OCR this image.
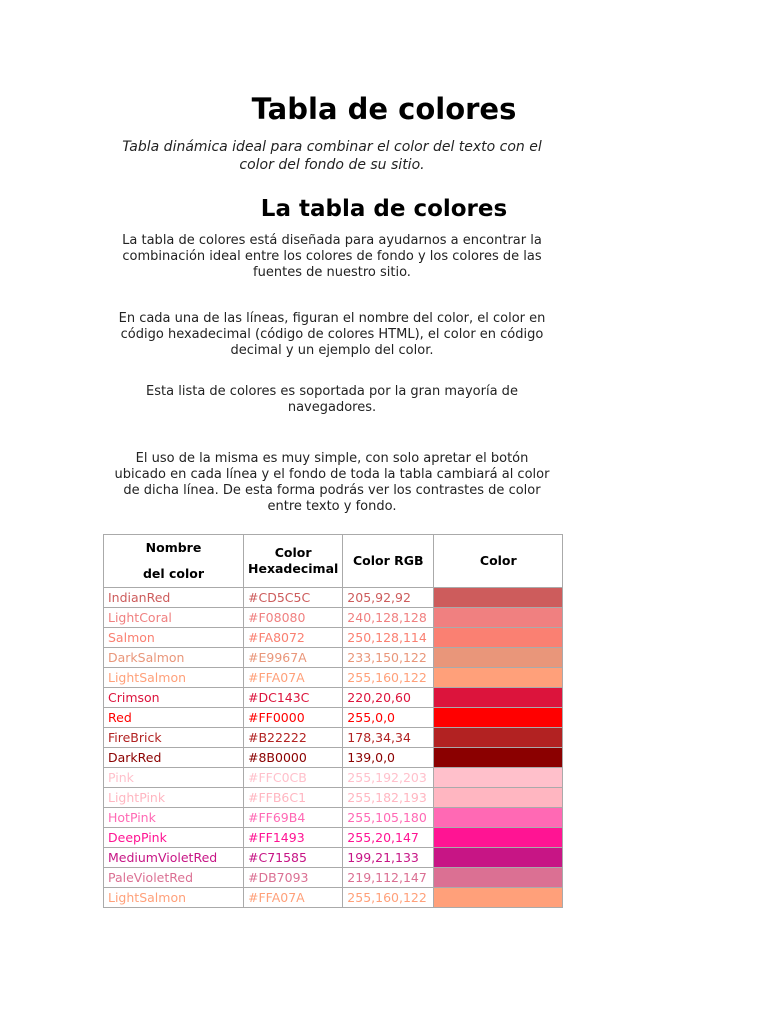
Tabla de colores

Tabla dinámica ideal para combinar el color del texto con el color del fondo de su sitio.

La tabla de colores

La tabla de colores está diseñada para ayudarnos a encontrar la combinación ideal entre los colores de fondo y los colores de las fuentes de nuestro sitio.

En cada una de las líneas, figuran el nombre del color, el color en código hexadecimal (código de colores HTML), el color en código decimal y un ejemplo del color.

Esta lista de colores es soportada por la gran mayoría de navegadores.

El uso de la misma es muy simple, con solo apretar el botón ubicado en cada línea y el fondo de toda la tabla cambiará al color de dicha línea. De esta forma podrás ver los contrastes de color entre texto y fondo.

Nombre
del color	Color Hexadecimal	Color RGB	Color
IndianRed	#CD5C5C	205,92,92	
LightCoral	#F08080	240,128,128	
Salmon	#FA8072	250,128,114	
DarkSalmon	#E9967A	233,150,122	
LightSalmon	#FFA07A	255,160,122	
Crimson	#DC143C	220,20,60	
Red	#FF0000	255,0,0	
FireBrick	#B22222	178,34,34	
DarkRed	#8B0000	139,0,0	
Pink	#FFC0CB	255,192,203	
LightPink	#FFB6C1	255,182,193	
HotPink	#FF69B4	255,105,180	
DeepPink	#FF1493	255,20,147	
MediumVioletRed	#C71585	199,21,133	
PaleVioletRed	#DB7093	219,112,147	
LightSalmon	#FFA07A	255,160,122	
